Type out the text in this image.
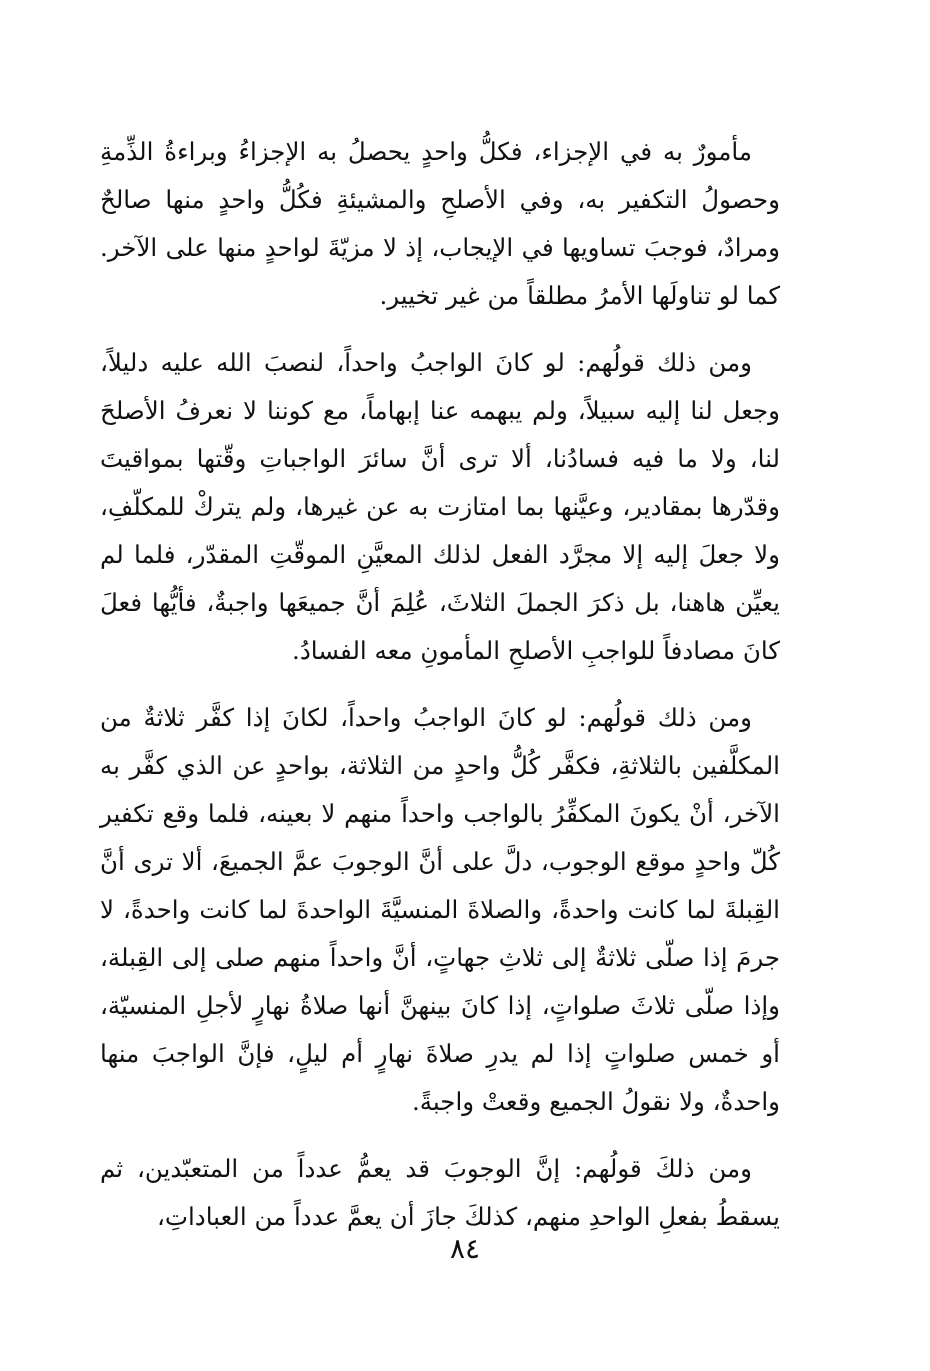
مأمورٌ به في الإجزاء، فكلُّ واحدٍ يحصلُ به الإجزاءُ وبراءةُ الذِّمةِ وحصولُ التكفير به، وفي الأصلحِ والمشيئةِ فكُلُّ واحدٍ منها صالحٌ ومرادٌ، فوجبَ تساويها في الإيجاب، إذ لا مزيّةَ لواحدٍ منها على الآخر. كما لو تناولَها الأمرُ مطلقاً من غير تخيير.

ومن ذلك قولُهم: لو كانَ الواجبُ واحداً، لنصبَ الله عليه دليلاً، وجعل لنا إليه سبيلاً، ولم يبهمه عنا إبهاماً، مع كوننا لا نعرفُ الأصلحَ لنا، ولا ما فيه فسادُنا، ألا ترى أنَّ سائرَ الواجباتِ وقّتها بمواقيتَ وقدّرها بمقادير، وعيَّنها بما امتازت به عن غيرها، ولم يتركْ للمكلّفِ، ولا جعلَ إليه إلا مجرَّد الفعل لذلك المعيَّنِ الموقّتِ المقدّر، فلما لم يعيِّن هاهنا، بل ذكرَ الجملَ الثلاثَ، عُلِمَ أنَّ جميعَها واجبةٌ، فأيُّها فعلَ كانَ مصادفاً للواجبِ الأصلحِ المأمونِ معه الفسادُ.

ومن ذلك قولُهم: لو كانَ الواجبُ واحداً، لكانَ إذا كفَّر ثلاثةٌ من المكلَّفين بالثلاثةِ، فكفَّر كُلُّ واحدٍ من الثلاثة، بواحدٍ عن الذي كفَّر به الآخر، أنْ يكونَ المكفِّرُ بالواجب واحداً منهم لا بعينه، فلما وقع تكفير كُلّ واحدٍ موقع الوجوب، دلَّ على أنَّ الوجوبَ عمَّ الجميعَ، ألا ترى أنَّ القِبلةَ لما كانت واحدةً، والصلاةَ المنسيَّةَ الواحدةَ لما كانت واحدةً، لا جرمَ إذا صلّى ثلاثةٌ إلى ثلاثِ جهاتٍ، أنَّ واحداً منهم صلى إلى القِبلة، وإذا صلّى ثلاثَ صلواتٍ، إذا كانَ بينهنَّ أنها صلاةُ نهارٍ لأجلِ المنسيّة، أو خمس صلواتٍ إذا لم يدرِ صلاةَ نهارٍ أم ليلٍ، فإنَّ الواجبَ منها واحدةٌ، ولا نقولُ الجميع وقعتْ واجبةً.

ومن ذلكَ قولُهم: إنَّ الوجوبَ قد يعمُّ عدداً من المتعبّدين، ثم يسقطُ بفعلِ الواحدِ منهم، كذلكَ جازَ أن يعمَّ عدداً من العباداتِ،

٨٤
